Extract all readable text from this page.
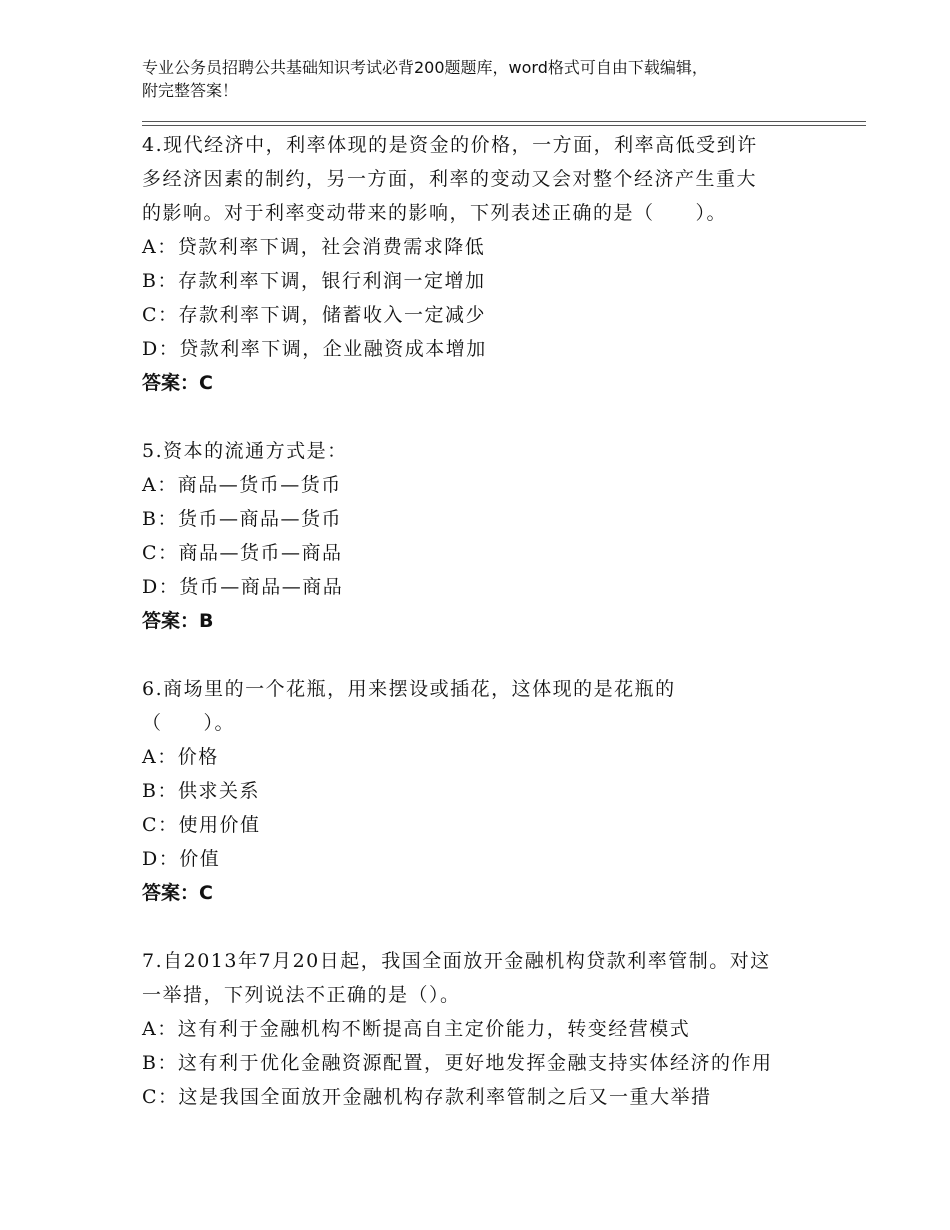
专业公务员招聘公共基础知识考试必背200题题库，word格式可自由下载编辑，
附完整答案！
4.现代经济中，利率体现的是资金的价格，一方面，利率高低受到许
多经济因素的制约，另一方面，利率的变动又会对整个经济产生重大
的影响。对于利率变动带来的影响，下列表述正确的是（　　）。
A：贷款利率下调，社会消费需求降低
B：存款利率下调，银行利润一定增加
C：存款利率下调，储蓄收入一定减少
D：贷款利率下调，企业融资成本增加
答案：C
5.资本的流通方式是：
A：商品—货币—货币
B：货币—商品—货币
C：商品—货币—商品
D：货币—商品—商品
答案：B
6.商场里的一个花瓶，用来摆设或插花，这体现的是花瓶的
（　　）。
A：价格
B：供求关系
C：使用价值
D：价值
答案：C
7.自2013年7月20日起，我国全面放开金融机构贷款利率管制。对这
一举措，下列说法不正确的是（）。
A：这有利于金融机构不断提高自主定价能力，转变经营模式
B：这有利于优化金融资源配置，更好地发挥金融支持实体经济的作用
C：这是我国全面放开金融机构存款利率管制之后又一重大举措
